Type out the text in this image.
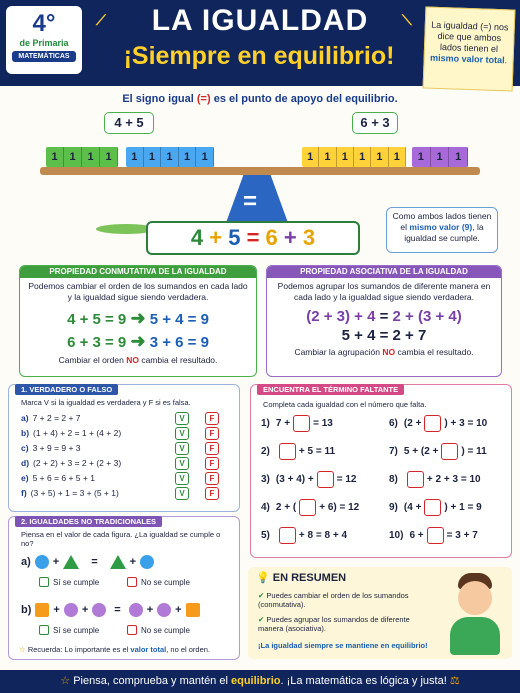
4°
de Primaria
MATEMÁTICAS
⟋	⟍
LA IGUALDAD
¡Siempre en equilibrio!
La igualdad (=) nos dice que ambos lados tienen el mismo valor total.
El signo igual (=) es el punto de apoyo del equilibrio.
4 + 5	6 + 3
1	1	1	1	1	1	1	1	1	1	1	1	1	1	1	1	1	1
=
4 + 5 = 6 + 3
Como ambos lados tienen el mismo valor (9), la igualdad se cumple.
PROPIEDAD CONMUTATIVA DE LA IGUALDAD
Podemos cambiar el orden de los sumandos en cada lado y la igualdad sigue siendo verdadera.
4 + 5 = 9 ➜ 5 + 4 = 9
6 + 3 = 9 ➜ 3 + 6 = 9
Cambiar el orden NO cambia el resultado.
PROPIEDAD ASOCIATIVA DE LA IGUALDAD
Podemos agrupar los sumandos de diferente manera en cada lado y la igualdad sigue siendo verdadera.
(2 + 3) + 4 = 2 + (3 + 4)
5 + 4 = 2 + 7
Cambiar la agrupación NO cambia el resultado.
1. VERDADERO O FALSO
Marca V si la igualdad es verdadera y F si es falsa.
a) 7 + 2 = 2 + 7	V	F
b) (1 + 4) + 2 = 1 + (4 + 2)	V	F
c) 3 + 9 = 9 + 3	V	F
d) (2 + 2) + 3 = 2 + (2 + 3)	V	F
e) 5 + 6 = 6 + 5 + 1	V	F
f) (3 + 5) + 1 = 3 + (5 + 1)	V	F
ENCUENTRA EL TÉRMINO FALTANTE
Completa cada igualdad con el número que falta.
1) 7 + = 13
2)	+ 5 = 11
3) (3 + 4) + = 12
4) 2 + ( + 6) = 12
5)	+ 8 = 8 + 4
6) (2 + ) + 3 = 10
7) 5 + (2 + ) = 11
8)	+ 2 + 3 = 10
9) (4 + ) + 1 = 9
10) 6 + = 3 + 7
2. IGUALDADES NO TRADICIONALES
Piensa en el valor de cada figura. ¿La igualdad se cumple o no?
a) +	=	+
Sí se cumple	No se cumple
b) + + = + +
Sí se cumple	No se cumple
☆ Recuerda: Lo importante es el valor total, no el orden.
💡 EN RESUMEN
✔ Puedes cambiar el orden de los sumandos (conmutativa).
✔ Puedes agrupar los sumandos de diferente manera (asociativa).
¡La igualdad siempre se mantiene en equilibrio!
☆ Piensa, comprueba y mantén el equilibrio. ¡La matemática es lógica y justa! ⚖
